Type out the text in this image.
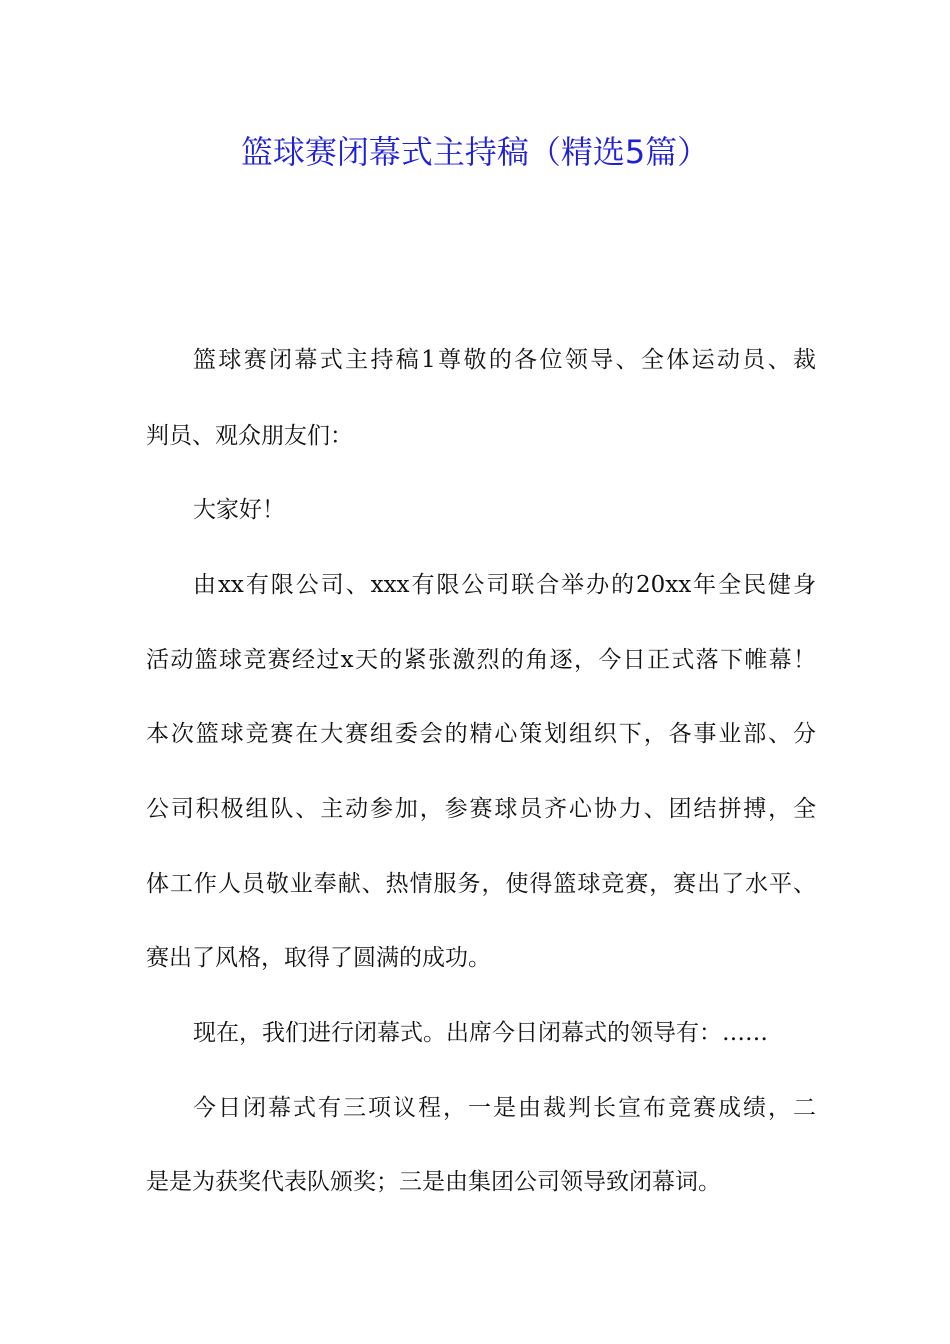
篮球赛闭幕式主持稿（精选5篇）
篮球赛闭幕式主持稿1尊敬的各位领导、全体运动员、裁
判员、观众朋友们：
大家好！
由xx有限公司、xxx有限公司联合举办的20xx年全民健身
活动篮球竞赛经过x天的紧张激烈的角逐，今日正式落下帷幕！
本次篮球竞赛在大赛组委会的精心策划组织下，各事业部、分
公司积极组队、主动参加，参赛球员齐心协力、团结拼搏，全
体工作人员敬业奉献、热情服务，使得篮球竞赛，赛出了水平、
赛出了风格，取得了圆满的成功。
现在，我们进行闭幕式。出席今日闭幕式的领导有：……
今日闭幕式有三项议程，一是由裁判长宣布竞赛成绩，二
是是为获奖代表队颁奖；三是由集团公司领导致闭幕词。
